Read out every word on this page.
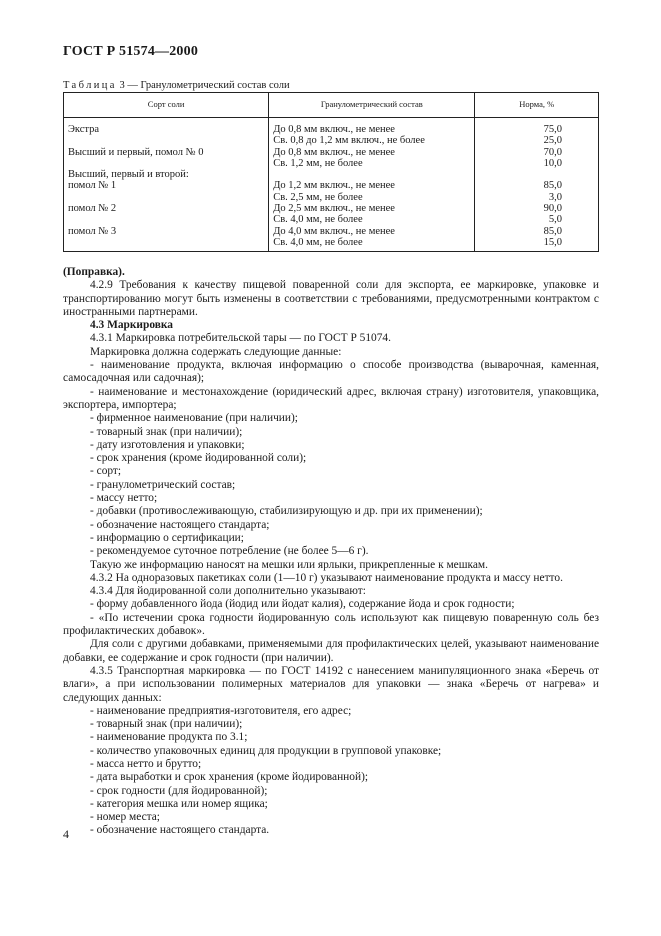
ГОСТ Р 51574—2000
Таблица 3 — Гранулометрический состав соли
Сорт соли	Гранулометрический состав	Норма, %
Экстра	До 0,8 мм включ., не менее	75,0
	Св. 0,8 до 1,2 мм включ., не более	25,0
Высший и первый, помол № 0	До 0,8 мм включ., не менее	70,0
	Св. 1,2 мм, не более	10,0
Высший, первый и второй:		
помол № 1	До 1,2 мм включ., не менее	85,0
	Св. 2,5 мм, не более	3,0
помол № 2	До 2,5 мм включ., не менее	90,0
	Св. 4,0 мм, не более	5,0
помол № 3	До 4,0 мм включ., не менее	85,0
	Св. 4,0 мм, не более	15,0

(Поправка).

4.2.9 Требования к качеству пищевой поваренной соли для экспорта, ее маркировке, упаковке и транспортированию могут быть изменены в соответствии с требованиями, предусмотренными контрактом с иностранными партнерами.

4.3 Маркировка

4.3.1 Маркировка потребительской тары — по ГОСТ Р 51074.

Маркировка должна содержать следующие данные:

- наименование продукта, включая информацию о способе производства (выварочная, каменная, самосадочная или садочная);

- наименование и местонахождение (юридический адрес, включая страну) изготовителя, упаковщика, экспортера, импортера;

- фирменное наименование (при наличии);

- товарный знак (при наличии);

- дату изготовления и упаковки;

- срок хранения (кроме йодированной соли);

- сорт;

- гранулометрический состав;

- массу нетто;

- добавки (противослеживающую, стабилизирующую и др. при их применении);

- обозначение настоящего стандарта;

- информацию о сертификации;

- рекомендуемое суточное потребление (не более 5—6 г).

Такую же информацию наносят на мешки или ярлыки, прикрепленные к мешкам.

4.3.2 На одноразовых пакетиках соли (1—10 г) указывают наименование продукта и массу нетто.

4.3.4 Для йодированной соли дополнительно указывают:

- форму добавленного йода (йодид или йодат калия), содержание йода и срок годности;

- «По истечении срока годности йодированную соль используют как пищевую поваренную соль без профилактических добавок».

Для соли с другими добавками, применяемыми для профилактических целей, указывают наименование добавки, ее содержание и срок годности (при наличии).

4.3.5 Транспортная маркировка — по ГОСТ 14192 с нанесением манипуляционного знака «Беречь от влаги», а при использовании полимерных материалов для упаковки — знака «Беречь от нагрева» и следующих данных:

- наименование предприятия-изготовителя, его адрес;

- товарный знак (при наличии);

- наименование продукта по 3.1;

- количество упаковочных единиц для продукции в групповой упаковке;

- масса нетто и брутто;

- дата выработки и срок хранения (кроме йодированной);

- срок годности (для йодированной);

- категория мешка или номер ящика;

- номер места;

- обозначение настоящего стандарта.

4
